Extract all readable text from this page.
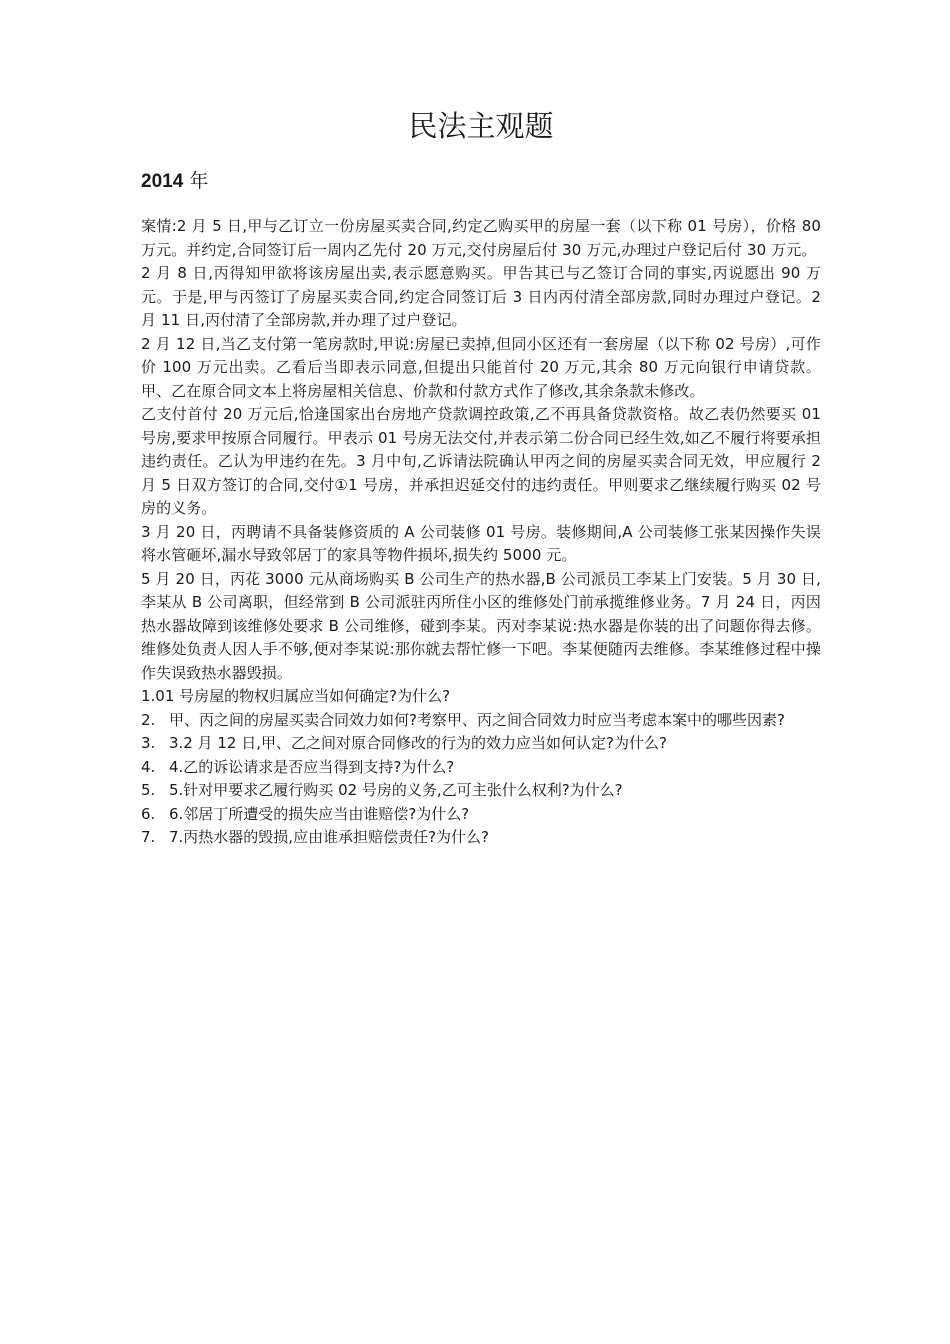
民法主观题
2014 年

案情:2 月 5 日,甲与乙订立一份房屋买卖合同,约定乙购买甲的房屋一套（以下称 01 号房），价格 80 万元。并约定,合同签订后一周内乙先付 20 万元,交付房屋后付 30 万元,办理过户登记后付 30 万元。

2 月 8 日,丙得知甲欲将该房屋出卖,表示愿意购买。甲告其已与乙签订合同的事实,丙说愿出 90 万元。于是,甲与丙签订了房屋买卖合同,约定合同签订后 3 日内丙付清全部房款,同时办理过户登记。2 月 11 日,丙付清了全部房款,并办理了过户登记。

2 月 12 日,当乙支付第一笔房款时,甲说:房屋已卖掉,但同小区还有一套房屋（以下称 02 号房）,可作价 100 万元出卖。乙看后当即表示同意,但提出只能首付 20 万元,其余 80 万元向银行申请贷款。甲、乙在原合同文本上将房屋相关信息、价款和付款方式作了修改,其余条款未修改。

乙支付首付 20 万元后,恰逢国家出台房地产贷款调控政策,乙不再具备贷款资格。故乙表仍然要买 01 号房,要求甲按原合同履行。甲表示 01 号房无法交付,并表示第二份合同已经生效,如乙不履行将要承担违约责任。乙认为甲违约在先。3 月中旬,乙诉请法院确认甲丙之间的房屋买卖合同无效，甲应履行 2 月 5 日双方签订的合同,交付①1 号房，并承担迟延交付的违约责任。甲则要求乙继续履行购买 02 号房的义务。

3 月 20 日，丙聘请不具备装修资质的 A 公司装修 01 号房。装修期间,A 公司装修工张某因操作失误将水管砸坏,漏水导致邻居丁的家具等物件损坏,损失约 5000 元。

5 月 20 日，丙花 3000 元从商场购买 B 公司生产的热水器,B 公司派员工李某上门安装。5 月 30 日,李某从 B 公司离职，但经常到 B 公司派驻丙所住小区的维修处门前承揽维修业务。7 月 24 日，丙因热水器故障到该维修处要求 B 公司维修，碰到李某。丙对李某说:热水器是你装的出了问题你得去修。维修处负责人因人手不够,便对李某说:那你就去帮忙修一下吧。李某便随丙去维修。李某维修过程中操作失误致热水器毁损。

1.01 号房屋的物权归属应当如何确定?为什么?

2. 甲、丙之间的房屋买卖合同效力如何?考察甲、丙之间合同效力时应当考虑本案中的哪些因素?
3. 3.2 月 12 日,甲、乙之间对原合同修改的行为的效力应当如何认定?为什么?
4. 4.乙的诉讼请求是否应当得到支持?为什么?
5. 5.针对甲要求乙履行购买 02 号房的义务,乙可主张什么权利?为什么?
6. 6.邻居丁所遭受的损失应当由谁赔偿?为什么?
7. 7.丙热水器的毁损,应由谁承担赔偿责任?为什么?
